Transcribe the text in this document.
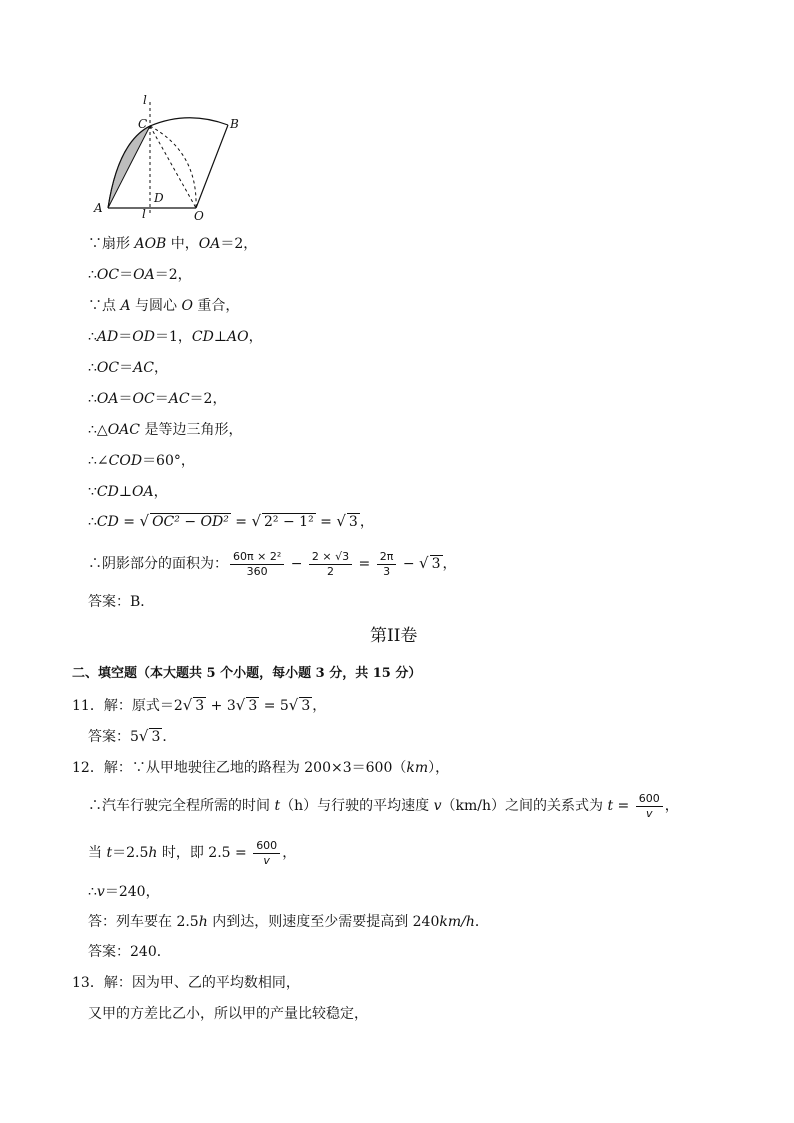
l
C	B
A
D
l	O
∵扇形 AOB 中，OA＝2，
∴OC＝OA＝2，
∵点 A 与圆心 O 重合，
∴AD＝OD＝1，CD⊥AO，
∴OC＝AC，
∴OA＝OC＝AC＝2，
∴△OAC 是等边三角形，
∴∠COD＝60°，
∵CD⊥OA，
∴CD = √ OC² − OD² = √ 2² − 1² = √ 3 ，
∴阴影部分的面积为： $\frac{\text{60π × 2²}}{360} - \frac{2 \times √3}{2} = \frac{2\pi}{3}$ − √ 3 ，
答案：B．
第II卷
二、填空题（本大题共 5 个小题，每小题 3 分，共 15 分）
11．解：原式＝2√ 3 + 3√ 3 = 5√ 3 ，
答案：5√ 3 ．
12．解：∵从甲地驶往乙地的路程为 200×3＝600（km），
∴汽车行驶完全程所需的时间 t（h）与行驶的平均速度 v（km/h）之间的关系式为 $t = \frac{600}{v}$ ，
当 t＝2.5h 时，即 $2.5 = \frac{600}{v}$ ，
∴v＝240，
答：列车要在 2.5h 内到达，则速度至少需要提高到 240km/h．
答案：240．
13．解：因为甲、乙的平均数相同，
又甲的方差比乙小，所以甲的产量比较稳定，
